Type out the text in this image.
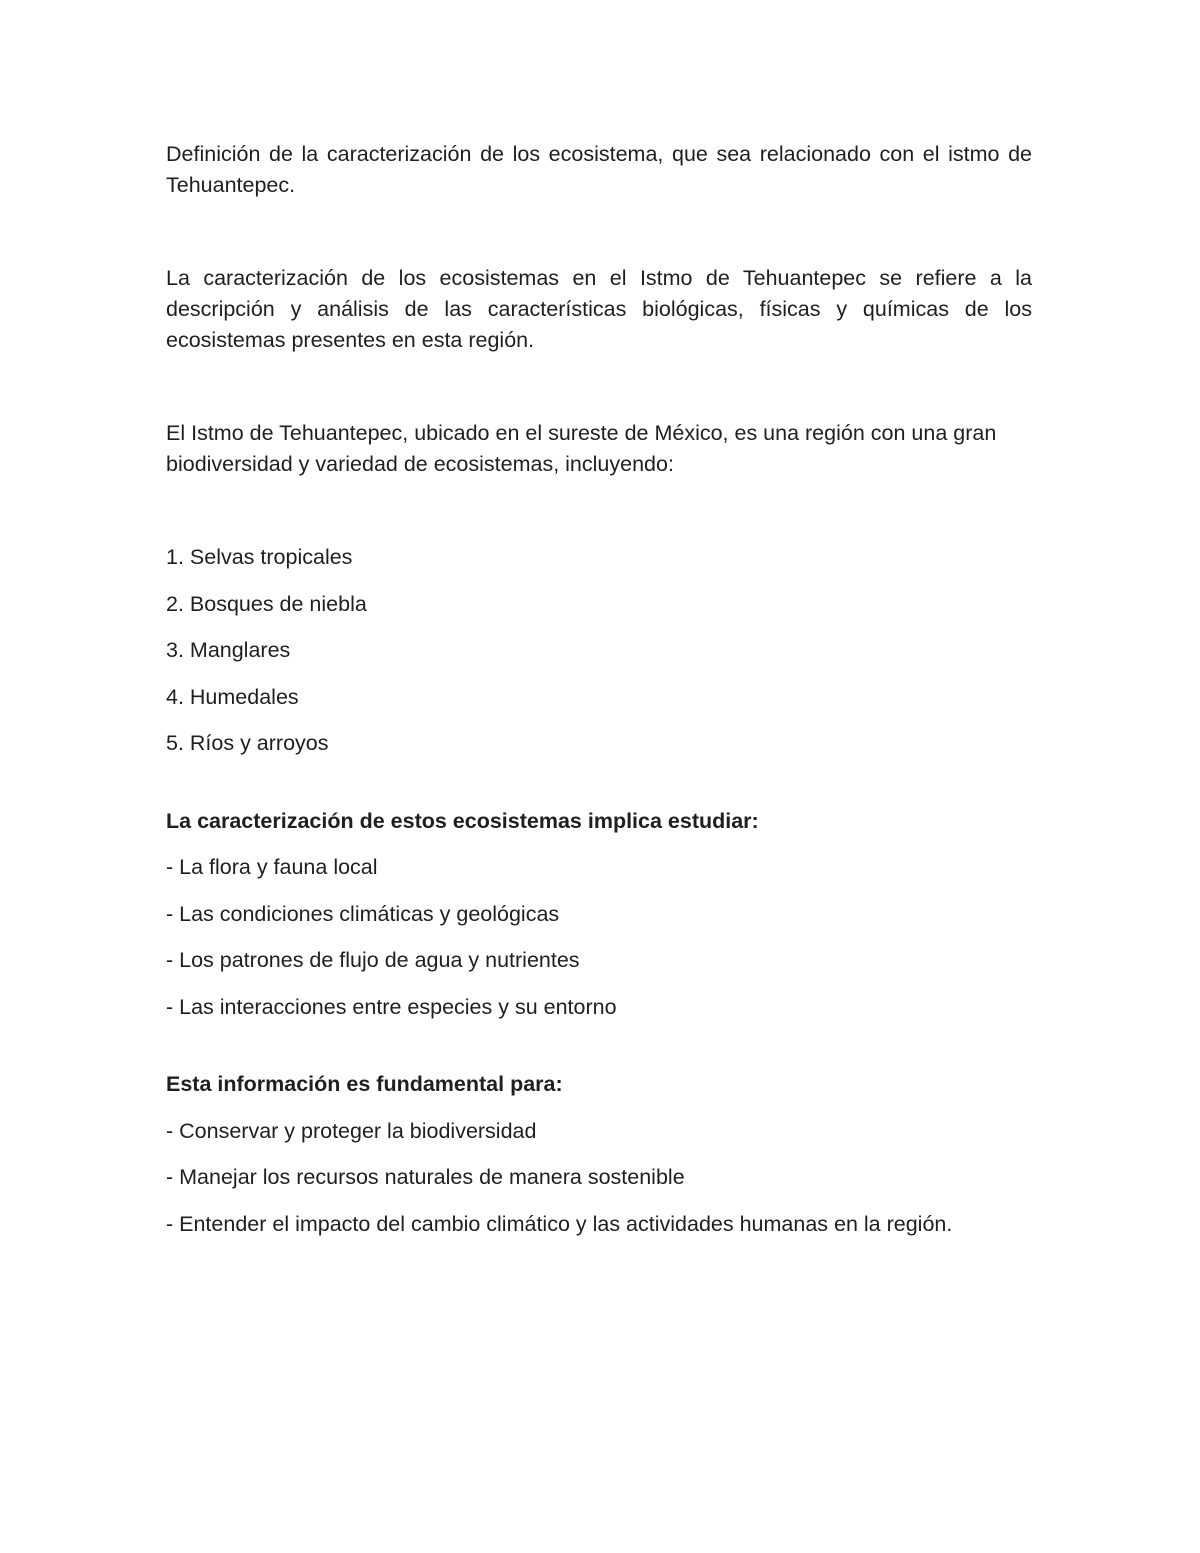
Definición de la caracterización de los ecosistema, que sea relacionado con el istmo de Tehuantepec.

La caracterización de los ecosistemas en el Istmo de Tehuantepec se refiere a la descripción y análisis de las características biológicas, físicas y químicas de los ecosistemas presentes en esta región.

El Istmo de Tehuantepec, ubicado en el sureste de México, es una región con una gran biodiversidad y variedad de ecosistemas, incluyendo:

1. Selvas tropicales
2. Bosques de niebla
3. Manglares
4. Humedales
5. Ríos y arroyos

La caracterización de estos ecosistemas implica estudiar:

- La flora y fauna local
- Las condiciones climáticas y geológicas
- Los patrones de flujo de agua y nutrientes
- Las interacciones entre especies y su entorno

Esta información es fundamental para:

- Conservar y proteger la biodiversidad
- Manejar los recursos naturales de manera sostenible
- Entender el impacto del cambio climático y las actividades humanas en la región.
